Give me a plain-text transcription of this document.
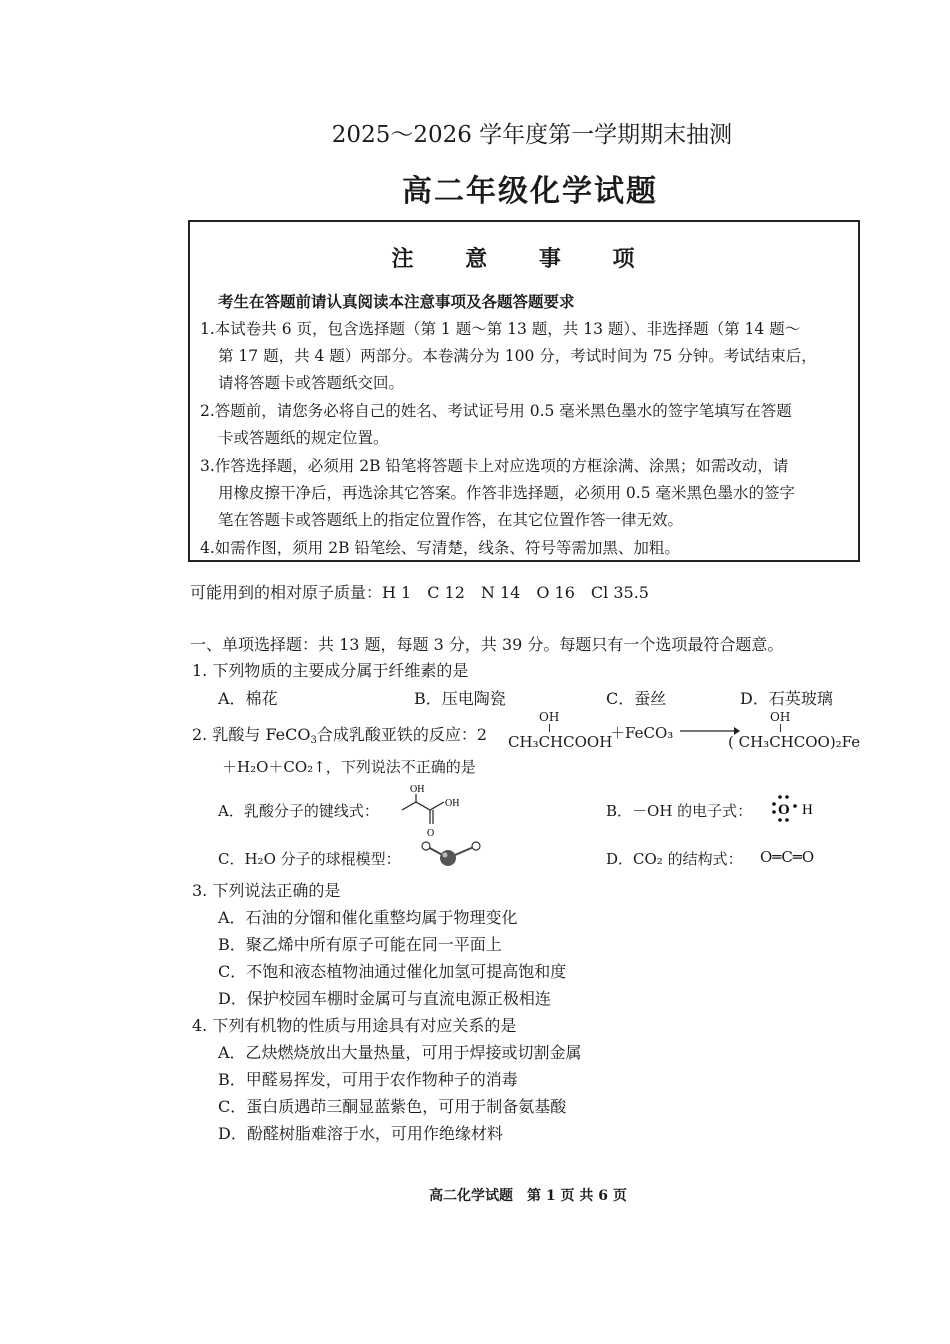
2025～2026 学年度第一学期期末抽测
高二年级化学试题
注 意 事 项
考生在答题前请认真阅读本注意事项及各题答题要求
1.本试卷共 6 页，包含选择题（第 1 题～第 13 题，共 13 题）、非选择题（第 14 题～
第 17 题，共 4 题）两部分。本卷满分为 100 分，考试时间为 75 分钟。考试结束后，
请将答题卡或答题纸交回。
2.答题前，请您务必将自己的姓名、考试证号用 0.5 毫米黑色墨水的签字笔填写在答题
卡或答题纸的规定位置。
3.作答选择题，必须用 2B 铅笔将答题卡上对应选项的方框涂满、涂黑；如需改动，请
用橡皮擦干净后，再选涂其它答案。作答非选择题，必须用 0.5 毫米黑色墨水的签字
笔在答题卡或答题纸上的指定位置作答，在其它位置作答一律无效。
4.如需作图，须用 2B 铅笔绘、写清楚，线条、符号等需加黑、加粗。
可能用到的相对原子质量：H 1　C 12　N 14　O 16　Cl 35.5
一、单项选择题：共 13 题，每题 3 分，共 39 分。每题只有一个选项最符合题意。
1. 下列物质的主要成分属于纤维素的是
A．棉花	B．压电陶瓷	C．蚕丝	D．石英玻璃
2. 乳酸与 FeCO$_3$合成乳酸亚铁的反应：2
OH
CH₃CHCOOH
＋FeCO₃ →
OH
( CH₃CHCOO)₂Fe
＋H₂O＋CO₂↑，下列说法不正确的是
A．乳酸分子的键线式：
OH
OH
O
B．－OH 的电子式： O H
C．H₂O 分子的球棍模型：	D．CO₂ 的结构式： O═C═O
3. 下列说法正确的是
A．石油的分馏和催化重整均属于物理变化
B．聚乙烯中所有原子可能在同一平面上
C．不饱和液态植物油通过催化加氢可提高饱和度
D．保护校园车棚时金属可与直流电源正极相连
4. 下列有机物的性质与用途具有对应关系的是
A．乙炔燃烧放出大量热量，可用于焊接或切割金属
B．甲醛易挥发，可用于农作物种子的消毒
C．蛋白质遇茚三酮显蓝紫色，可用于制备氨基酸
D．酚醛树脂难溶于水，可用作绝缘材料
高二化学试题　第 1 页 共 6 页
